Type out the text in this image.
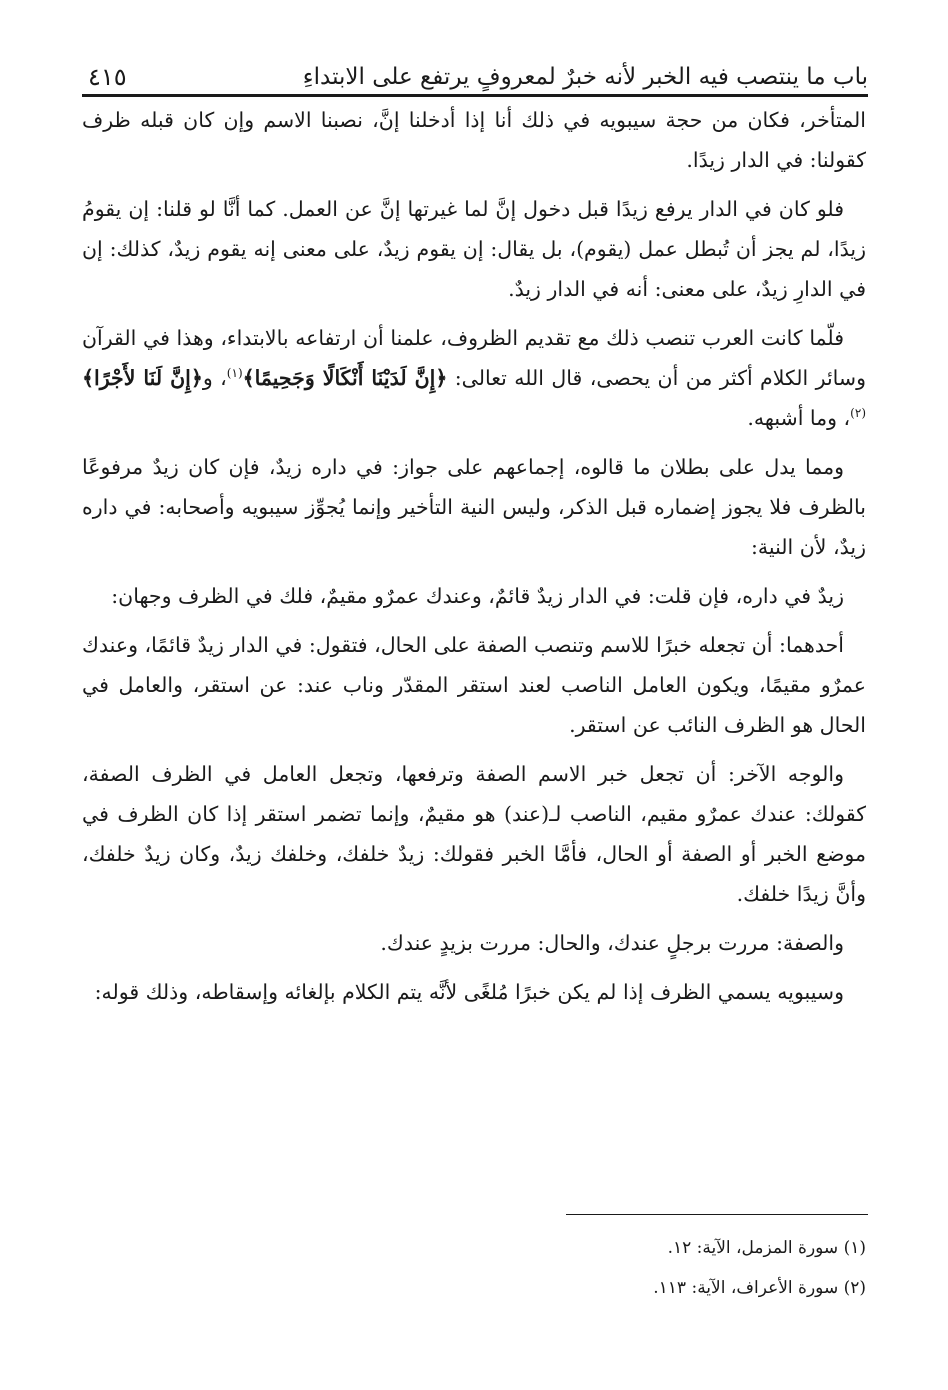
باب ما ينتصب فيه الخبر لأنه خبرٌ لمعروفٍ يرتفع على الابتداءِ
٤١٥

المتأخر، فكان من حجة سيبويه في ذلك أنا إذا أدخلنا إنَّ، نصبنا الاسم وإن كان قبله ظرف كقولنا: في الدار زيدًا.

فلو كان في الدار يرفع زيدًا قبل دخول إنَّ لما غيرتها إنَّ عن العمل. كما أنَّا لو قلنا: إن يقومُ زيدًا، لم يجز أن تُبطل عمل (يقوم)، بل يقال: إن يقوم زيدٌ، على معنى إنه يقوم زيدٌ، كذلك: إن في الدارِ زيدٌ، على معنى: أنه في الدار زيدٌ.

فلّما كانت العرب تنصب ذلك مع تقديم الظروف، علمنا أن ارتفاعه بالابتداء، وهذا في القرآن وسائر الكلام أكثر من أن يحصى، قال الله تعالى: ﴿إِنَّ لَدَيْنَا أَنْكَالًا وَجَحِيمًا﴾$^{(١)}$، و﴿إِنَّ لَنَا لأَجْرًا﴾$^{(٢)}$، وما أشبهه.

ومما يدل على بطلان ما قالوه، إجماعهم على جواز: في داره زيدٌ، فإن كان زيدٌ مرفوعًا بالظرف فلا يجوز إضماره قبل الذكر، وليس النية التأخير وإنما يُجوِّز سيبويه وأصحابه: في داره زيدٌ، لأن النية:

زيدٌ في داره، فإن قلت: في الدار زيدٌ قائمٌ، وعندك عمرٌو مقيمٌ، فلك في الظرف وجهان:

أحدهما: أن تجعله خبرًا للاسم وتنصب الصفة على الحال، فتقول: في الدار زيدٌ قائمًا، وعندك عمرٌو مقيمًا، ويكون العامل الناصب لعند استقر المقدّر وناب عند: عن استقر، والعامل في الحال هو الظرف النائب عن استقر.

والوجه الآخر: أن تجعل خبر الاسم الصفة وترفعها، وتجعل العامل في الظرف الصفة، كقولك: عندك عمرٌو مقيم، الناصب لـ(عند) هو مقيمٌ، وإنما تضمر استقر إذا كان الظرف في موضع الخبر أو الصفة أو الحال، فأمَّا الخبر فقولك: زيدٌ خلفك، وخلفك زيدٌ، وكان زيدٌ خلفك، وأنَّ زيدًا خلفك.

والصفة: مررت برجلٍ عندك، والحال: مررت بزيدٍ عندك.

وسيبويه يسمي الظرف إذا لم يكن خبرًا مُلغًى لأنَّه يتم الكلام بإلغائه وإسقاطه، وذلك قوله:

(١) سورة المزمل، الآية: ١٢.
(٢) سورة الأعراف، الآية: ١١٣.
